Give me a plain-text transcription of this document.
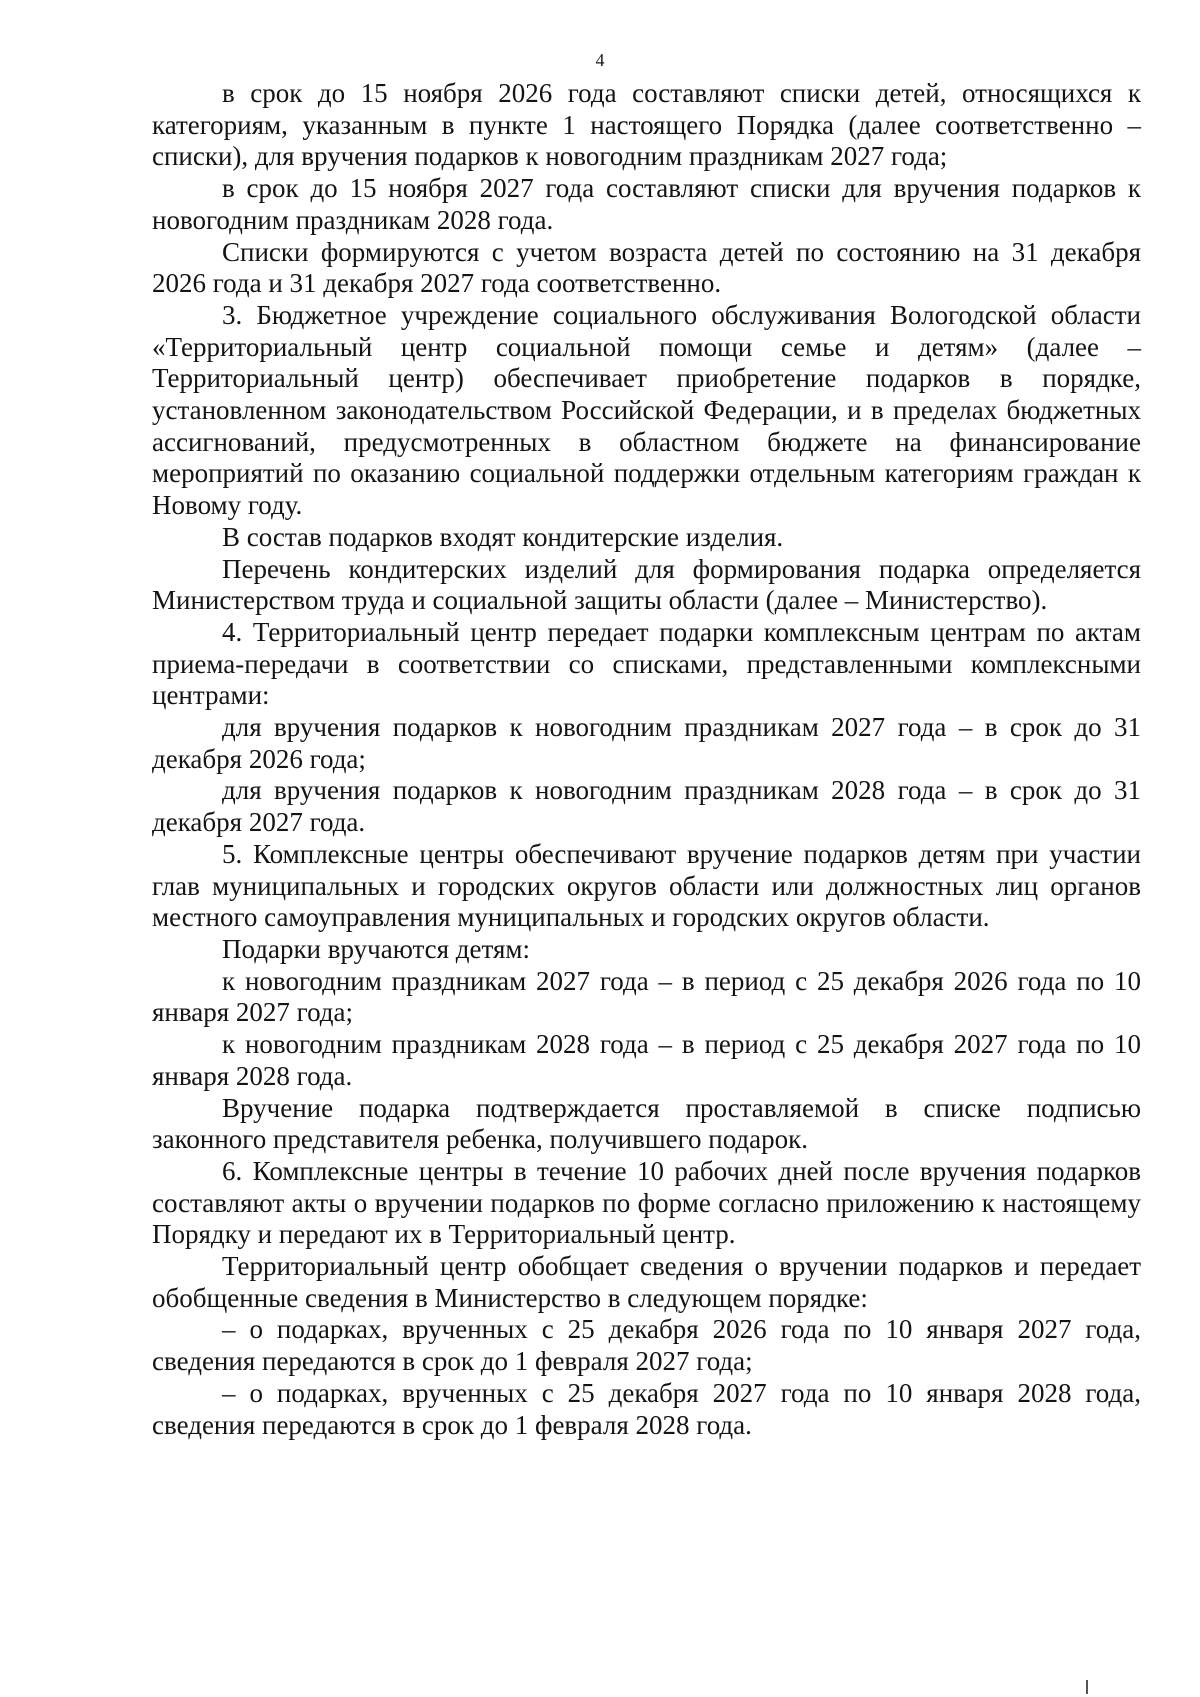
4

в срок до 15 ноября 2026 года составляют списки детей, относящихся к категориям, указанным в пункте 1 настоящего Порядка (далее соответственно – списки), для вручения подарков к новогодним праздникам 2027 года;

в срок до 15 ноября 2027 года составляют списки для вручения подарков к новогодним праздникам 2028 года.

Списки формируются с учетом возраста детей по состоянию на 31 декабря 2026 года и 31 декабря 2027 года соответственно.

3. Бюджетное учреждение социального обслуживания Вологодской области «Территориальный центр социальной помощи семье и детям» (далее – Территориальный центр) обеспечивает приобретение подарков в порядке, установленном законодательством Российской Федерации, и в пределах бюджетных ассигнований, предусмотренных в областном бюджете на финансирование мероприятий по оказанию социальной поддержки отдельным категориям граждан к Новому году.

В состав подарков входят кондитерские изделия.

Перечень кондитерских изделий для формирования подарка определяется Министерством труда и социальной защиты области (далее – Министерство).

4. Территориальный центр передает подарки комплексным центрам по актам приема-передачи в соответствии со списками, представленными комплексными центрами:

для вручения подарков к новогодним праздникам 2027 года – в срок до 31 декабря 2026 года;

для вручения подарков к новогодним праздникам 2028 года – в срок до 31 декабря 2027 года.

5. Комплексные центры обеспечивают вручение подарков детям при участии глав муниципальных и городских округов области или должностных лиц органов местного самоуправления муниципальных и городских округов области.

Подарки вручаются детям:

к новогодним праздникам 2027 года – в период с 25 декабря 2026 года по 10 января 2027 года;

к новогодним праздникам 2028 года – в период с 25 декабря 2027 года по 10 января 2028 года.

Вручение подарка подтверждается проставляемой в списке подписью законного представителя ребенка, получившего подарок.

6. Комплексные центры в течение 10 рабочих дней после вручения подарков составляют акты о вручении подарков по форме согласно приложению к настоящему Порядку и передают их в Территориальный центр.

Территориальный центр обобщает сведения о вручении подарков и передает обобщенные сведения в Министерство в следующем порядке:

– о подарках, врученных с 25 декабря 2026 года по 10 января 2027 года, сведения передаются в срок до 1 февраля 2027 года;

– о подарках, врученных с 25 декабря 2027 года по 10 января 2028 года, сведения передаются в срок до 1 февраля 2028 года.
